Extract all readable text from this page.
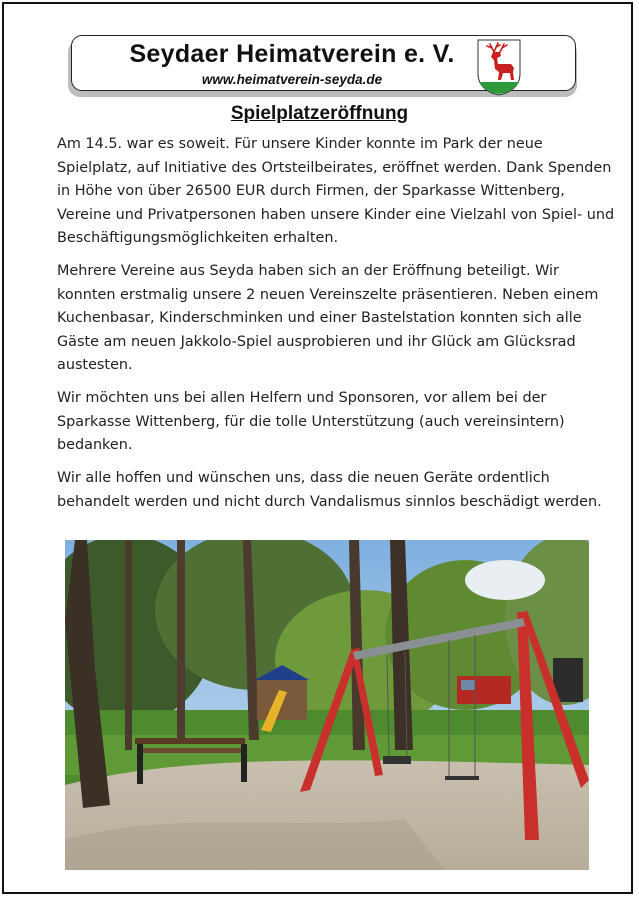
Seydaer Heimatverein e. V.
www.heimatverein-seyda.de
Spielplatzeröffnung

Am 14.5. war es soweit. Für unsere Kinder konnte im Park der neue Spielplatz, auf Initiative des Ortsteilbeirates, eröffnet werden. Dank Spenden in Höhe von über 26500 EUR durch Firmen, der Sparkasse Wittenberg, Vereine und Privatpersonen haben unsere Kinder eine Vielzahl von Spiel- und Beschäftigungsmöglichkeiten erhalten.

Mehrere Vereine aus Seyda haben sich an der Eröffnung beteiligt. Wir konnten erstmalig unsere 2 neuen Vereinszelte präsentieren. Neben einem Kuchenbasar, Kinderschminken und einer Bastelstation konnten sich alle Gäste am neuen Jakkolo-Spiel ausprobieren und ihr Glück am Glücksrad austesten.

Wir möchten uns bei allen Helfern und Sponsoren, vor allem bei der Sparkasse Wittenberg, für die tolle Unterstützung (auch vereinsintern) bedanken.

Wir alle hoffen und wünschen uns, dass die neuen Geräte ordentlich behandelt werden und nicht durch Vandalismus sinnlos beschädigt werden.
